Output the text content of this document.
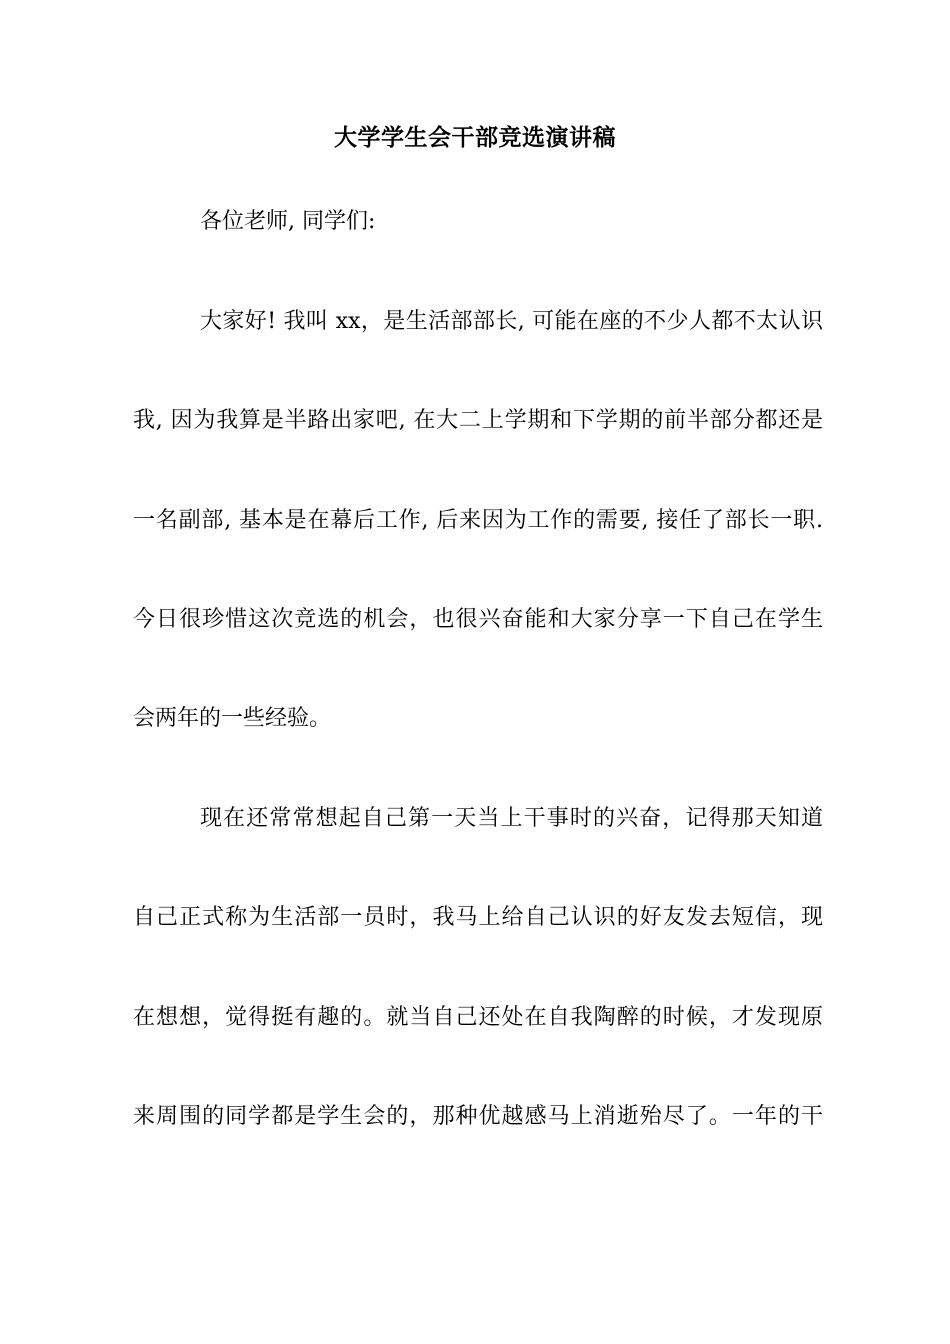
大学学生会干部竞选演讲稿
各位老师, 同学们:
大家好! 我叫 xx，是生活部部长, 可能在座的不少人都不太认识
我, 因为我算是半路出家吧, 在大二上学期和下学期的前半部分都还是
一名副部, 基本是在幕后工作, 后来因为工作的需要, 接任了部长一职.
今日很珍惜这次竞选的机会，也很兴奋能和大家分享一下自己在学生
会两年的一些经验。
现在还常常想起自己第一天当上干事时的兴奋，记得那天知道
自己正式称为生活部一员时，我马上给自己认识的好友发去短信，现
在想想，觉得挺有趣的。就当自己还处在自我陶醉的时候，才发现原
来周围的同学都是学生会的，那种优越感马上消逝殆尽了。一年的干
